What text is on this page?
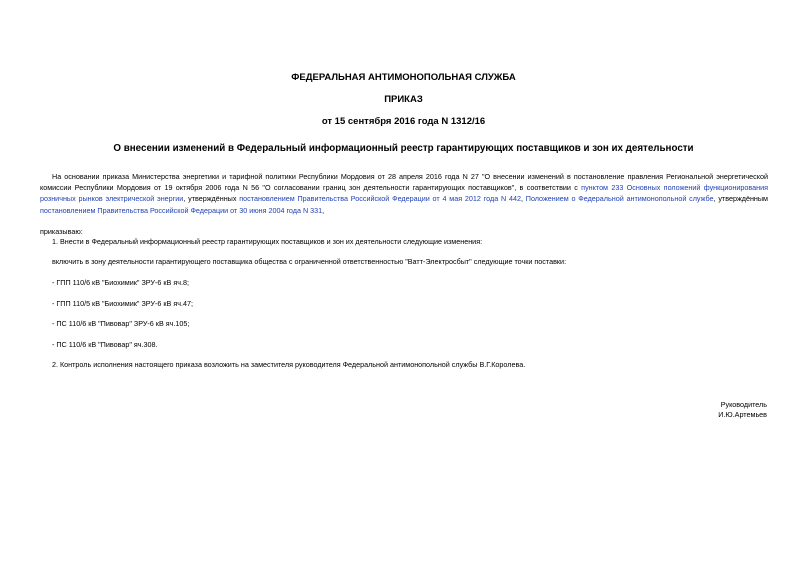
ФЕДЕРАЛЬНАЯ АНТИМОНОПОЛЬНАЯ СЛУЖБА
ПРИКАЗ
от 15 сентября 2016 года N 1312/16
О внесении изменений в Федеральный информационный реестр гарантирующих поставщиков и зон их деятельности
На основании приказа Министерства энергетики и тарифной политики Республики Мордовия от 28 апреля 2016 года N 27 "О внесении изменений в постановление правления Региональной энергетической комиссии Республики Мордовия от 19 октября 2006 года N 56 "О согласовании границ зон деятельности гарантирующих поставщиков", в соответствии с пунктом 233 Основных положений функционирования розничных рынков электрической энергии, утверждённых постановлением Правительства Российской Федерации от 4 мая 2012 года N 442, Положением о Федеральной антимонопольной службе, утверждённым постановлением Правительства Российской Федерации от 30 июня 2004 года N 331,
приказываю:
1. Внести в Федеральный информационный реестр гарантирующих поставщиков и зон их деятельности следующие изменения:
включить в зону деятельности гарантирующего поставщика общества с ограниченной ответственностью "Ватт-Электросбыт" следующие точки поставки:
- ГПП 110/6 кВ "Биохимик" ЗРУ-6 кВ яч.8;
- ГПП 110/5 кВ "Биохимик" ЗРУ-6 кВ яч.47;
- ПС 110/6 кВ "Пивовар" ЗРУ-6 кВ яч.105;
- ПС 110/6 кВ "Пивовар" яч.308.
2. Контроль исполнения настоящего приказа возложить на заместителя руководителя Федеральной антимонопольной службы В.Г.Королева.
Руководитель
И.Ю.Артемьев
